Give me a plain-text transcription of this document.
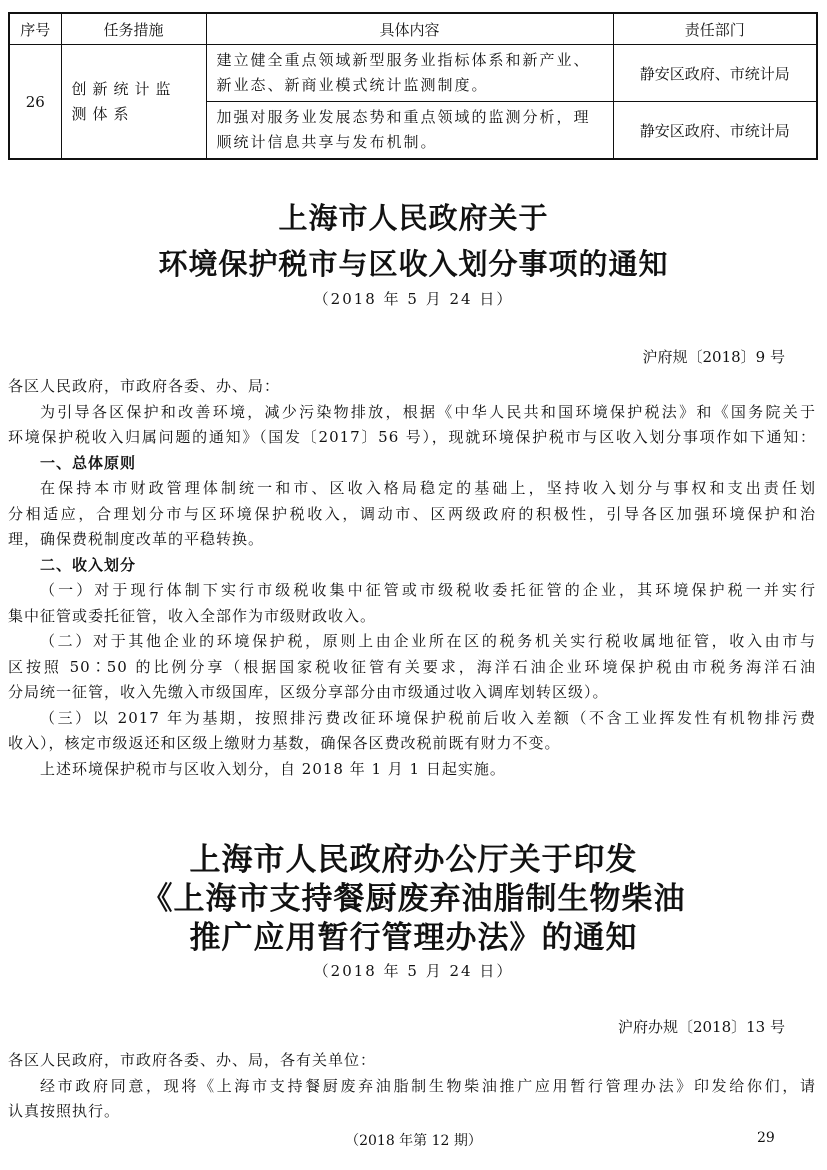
序号	任务措施	具体内容	责任部门
26	创新统计监测体系	建立健全重点领域新型服务业指标体系和新产业、新业态、新商业模式统计监测制度。	静安区政府、市统计局
		加强对服务业发展态势和重点领域的监测分析，理顺统计信息共享与发布机制。	静安区政府、市统计局
上海市人民政府关于
环境保护税市与区收入划分事项的通知
（2018 年 5 月 24 日）
沪府规〔2018〕9 号
各区人民政府，市政府各委、办、局：
为引导各区保护和改善环境，减少污染物排放，根据《中华人民共和国环境保护税法》和《国务院关于
环境保护税收入归属问题的通知》（国发〔2017〕56 号），现就环境保护税市与区收入划分事项作如下通知：
一、总体原则
在保持本市财政管理体制统一和市、区收入格局稳定的基础上，坚持收入划分与事权和支出责任划
分相适应，合理划分市与区环境保护税收入，调动市、区两级政府的积极性，引导各区加强环境保护和治
理，确保费税制度改革的平稳转换。
二、收入划分
（一）对于现行体制下实行市级税收集中征管或市级税收委托征管的企业，其环境保护税一并实行
集中征管或委托征管，收入全部作为市级财政收入。
（二）对于其他企业的环境保护税，原则上由企业所在区的税务机关实行税收属地征管，收入由市与
区按照 50∶50 的比例分享（根据国家税收征管有关要求，海洋石油企业环境保护税由市税务海洋石油
分局统一征管，收入先缴入市级国库，区级分享部分由市级通过收入调库划转区级）。
（三）以 2017 年为基期，按照排污费改征环境保护税前后收入差额（不含工业挥发性有机物排污费
收入），核定市级返还和区级上缴财力基数，确保各区费改税前既有财力不变。
上述环境保护税市与区收入划分，自 2018 年 1 月 1 日起实施。
上海市人民政府办公厅关于印发
《上海市支持餐厨废弃油脂制生物柴油
推广应用暂行管理办法》的通知
（2018 年 5 月 24 日）
沪府办规〔2018〕13 号
各区人民政府，市政府各委、办、局，各有关单位：
经市政府同意，现将《上海市支持餐厨废弃油脂制生物柴油推广应用暂行管理办法》印发给你们，请
认真按照执行。
（2018 年第 12 期）	29
